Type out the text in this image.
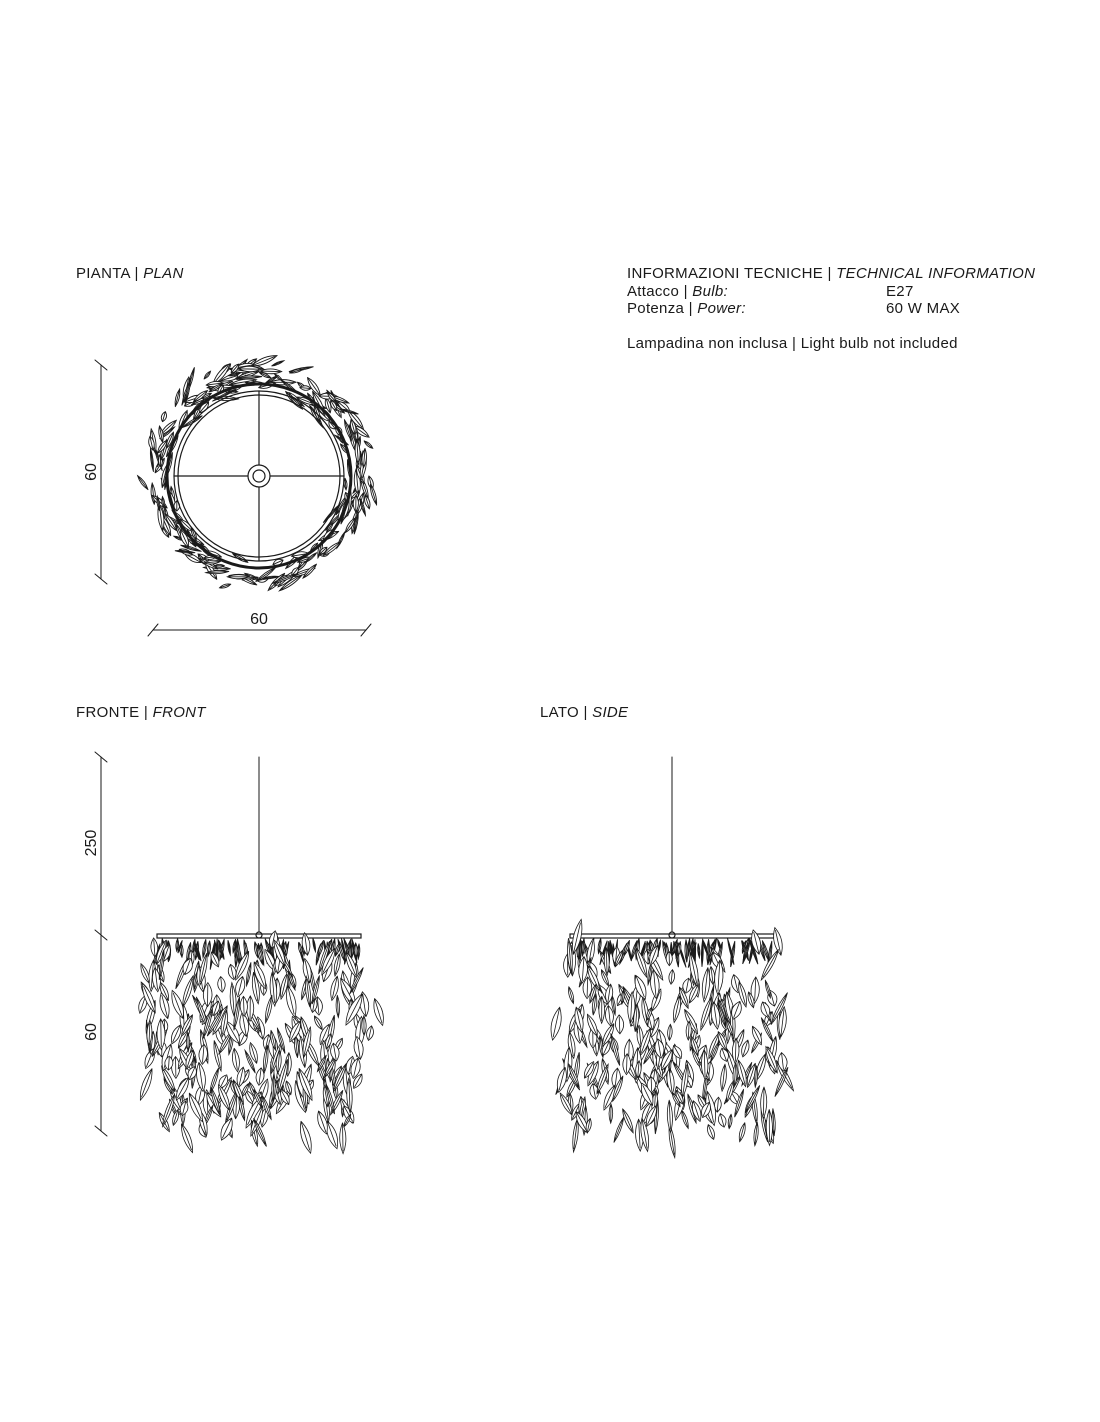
PIANTA | PLAN
FRONTE | FRONT	LATO | SIDE
INFORMAZIONI TECNICHE | TECHNICAL INFORMATION
Attacco | Bulb:	E27
Potenza | Power:	60 W MAX
Lampadina non inclusa | Light bulb not included
60
60
250
60
